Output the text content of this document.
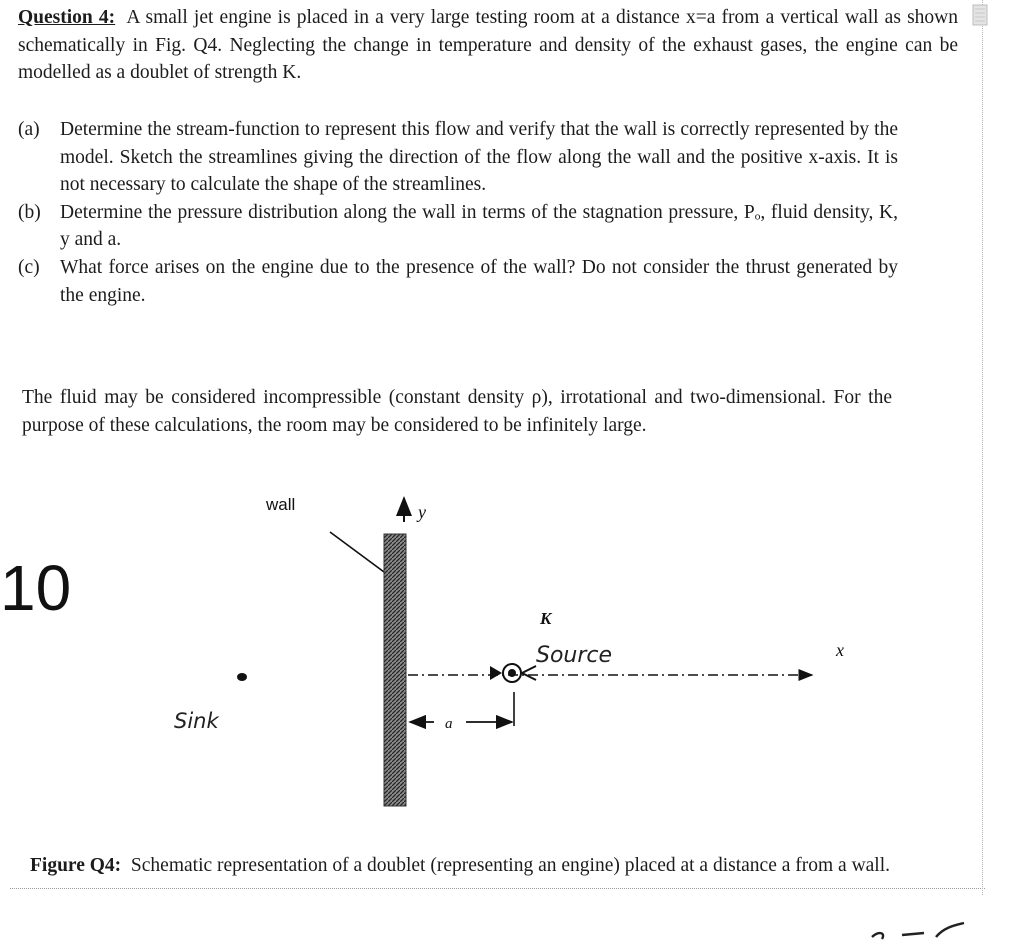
Question 4: A small jet engine is placed in a very large testing room at a distance x=a from a vertical wall as shown schematically in Fig. Q4. Neglecting the change in temperature and density of the exhaust gases, the engine can be modelled as a doublet of strength K.

(a)	Determine the stream-function to represent this flow and verify that the wall is correctly represented by the model. Sketch the streamlines giving the direction of the flow along the wall and the positive x-axis. It is not necessary to calculate the shape of the streamlines.
(b) Determine the pressure distribution along the wall in terms of the stagnation pressure, Pₒ, fluid density, K, y and a.
(c)	What force arises on the engine due to the presence of the wall? Do not consider the thrust generated by the engine.

The fluid may be considered incompressible (constant density ρ), irrotational and two-dimensional. For the purpose of these calculations, the room may be considered to be infinitely large.

wall	y
x
K
Source
Sink	a
10

Figure Q4: Schematic representation of a doublet (representing an engine) placed at a distance a from a wall.
